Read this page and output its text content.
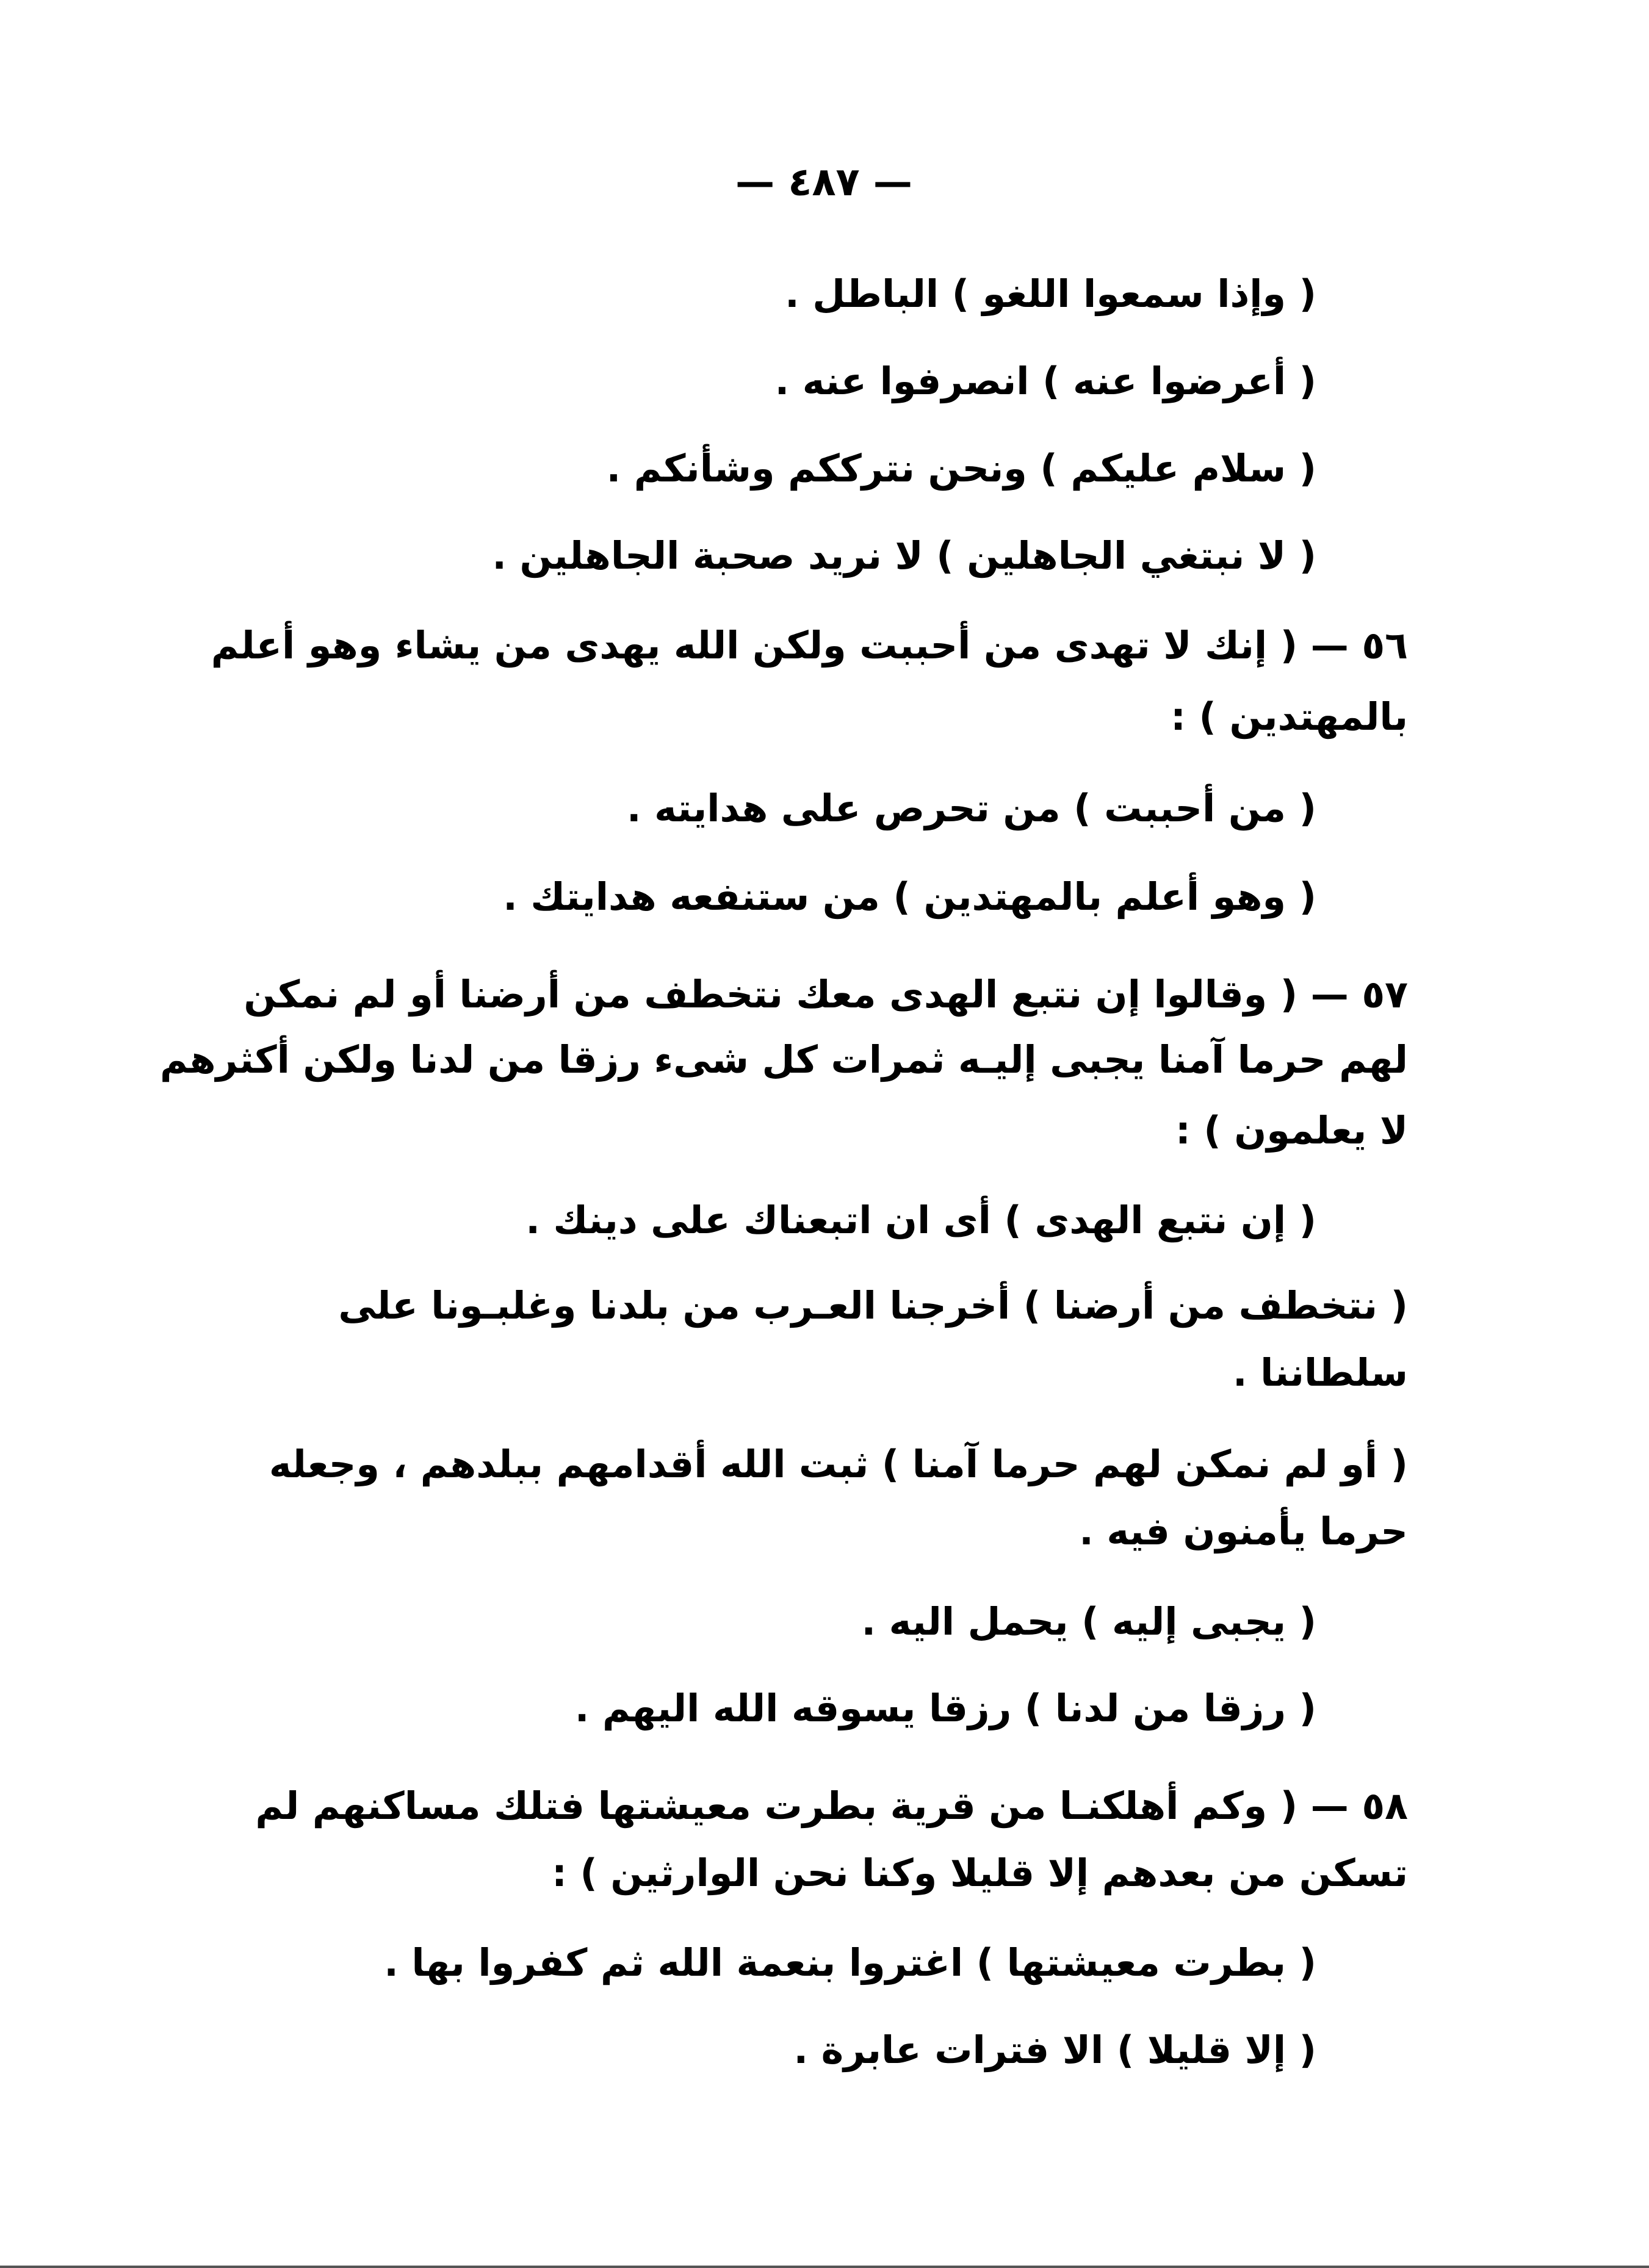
— ٤٨٧ —
( وإذا سمعوا اللغو ) الباطل .
( أعرضوا عنه ) انصرفوا عنه .
( سلام عليكم ) ونحن نترككم وشأنكم .
( لا نبتغي الجاهلين ) لا نريد صحبة الجاهلين .
٥٦ — ( إنك لا تهدى من أحببت ولكن الله يهدى من يشاء وهو أعلم
بالمهتدين ) :
( من أحببت ) من تحرص على هدايته .
( وهو أعلم بالمهتدين ) من ستنفعه هدايتك .
٥٧ — ( وقالوا إن نتبع الهدى معك نتخطف من أرضنا أو لم نمكن
لهم حرما آمنا يجبى إليـه ثمرات كل شىء رزقا من لدنا ولكن أكثرهم
لا يعلمون ) :
( إن نتبع الهدى ) أى ان اتبعناك على دينك .
( نتخطف من أرضنا ) أخرجنا العـرب من بلدنا وغلبـونا على
سلطاننا .
( أو لم نمكن لهم حرما آمنا ) ثبت الله أقدامهم ببلدهم ، وجعله
حرما يأمنون فيه .
( يجبى إليه ) يحمل اليه .
( رزقا من لدنا ) رزقا يسوقه الله اليهم .
٥٨ — ( وكم أهلكنـا من قرية بطرت معيشتها فتلك مساكنهم لم
تسكن من بعدهم إلا قليلا وكنا نحن الوارثين ) :
( بطرت معيشتها ) اغتروا بنعمة الله ثم كفروا بها .
( إلا قليلا ) الا فترات عابرة .
